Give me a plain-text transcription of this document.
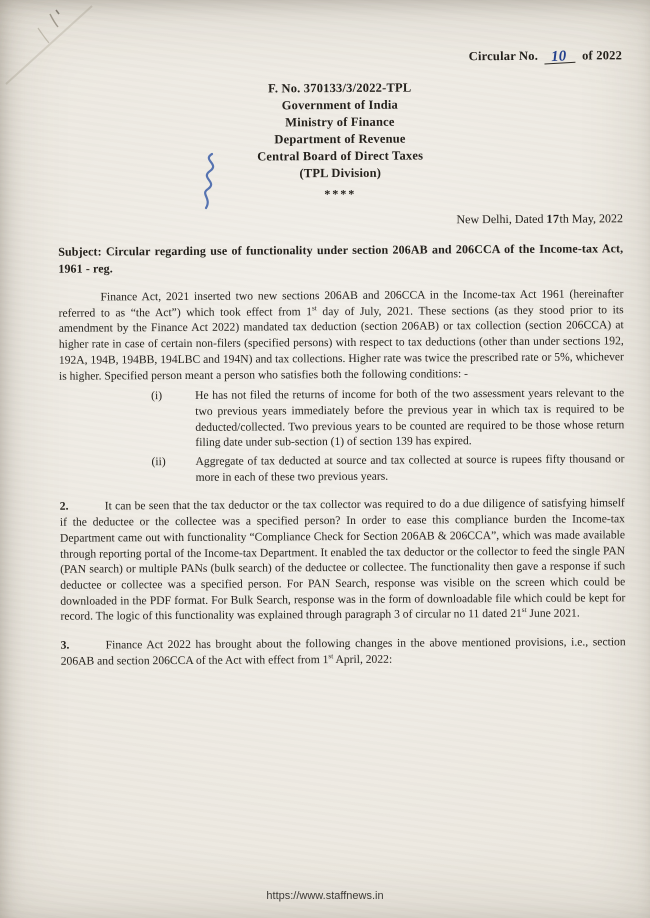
Circular No. 10 of 2022
F. No. 370133/3/2022-TPL
Government of India
Ministry of Finance
Department of Revenue
Central Board of Direct Taxes
(TPL Division)
****
New Delhi, Dated 17th May, 2022

Subject: Circular regarding use of functionality under section 206AB and 206CCA of the Income-tax Act, 1961 - reg.

Finance Act, 2021 inserted two new sections 206AB and 206CCA in the Income-tax Act 1961 (hereinafter referred to as “the Act”) which took effect from 1st day of July, 2021. These sections (as they stood prior to its amendment by the Finance Act 2022) mandated tax deduction (section 206AB) or tax collection (section 206CCA) at higher rate in case of certain non-filers (specified persons) with respect to tax deductions (other than under sections 192, 192A, 194B, 194BB, 194LBC and 194N) and tax collections. Higher rate was twice the prescribed rate or 5%, whichever is higher. Specified person meant a person who satisfies both the following conditions: -

(i)	He has not filed the returns of income for both of the two assessment years relevant to the two previous years immediately before the previous year in which tax is required to be deducted/collected. Two previous years to be counted are required to be those whose return filing date under sub-section (1) of section 139 has expired.
(ii)	Aggregate of tax deducted at source and tax collected at source is rupees fifty thousand or more in each of these two previous years.

2.	It can be seen that the tax deductor or the tax collector was required to do a due diligence of satisfying himself if the deductee or the collectee was a specified person? In order to ease this compliance burden the Income-tax Department came out with functionality “Compliance Check for Section 206AB & 206CCA”, which was made available through reporting portal of the Income-tax Department. It enabled the tax deductor or the collector to feed the single PAN (PAN search) or multiple PANs (bulk search) of the deductee or collectee. The functionality then gave a response if such deductee or collectee was a specified person. For PAN Search, response was visible on the screen which could be downloaded in the PDF format. For Bulk Search, response was in the form of downloadable file which could be kept for record. The logic of this functionality was explained through paragraph 3 of circular no 11 dated 21st June 2021.

3.	Finance Act 2022 has brought about the following changes in the above mentioned provisions, i.e., section 206AB and section 206CCA of the Act with effect from 1st April, 2022:

https://www.staffnews.in
